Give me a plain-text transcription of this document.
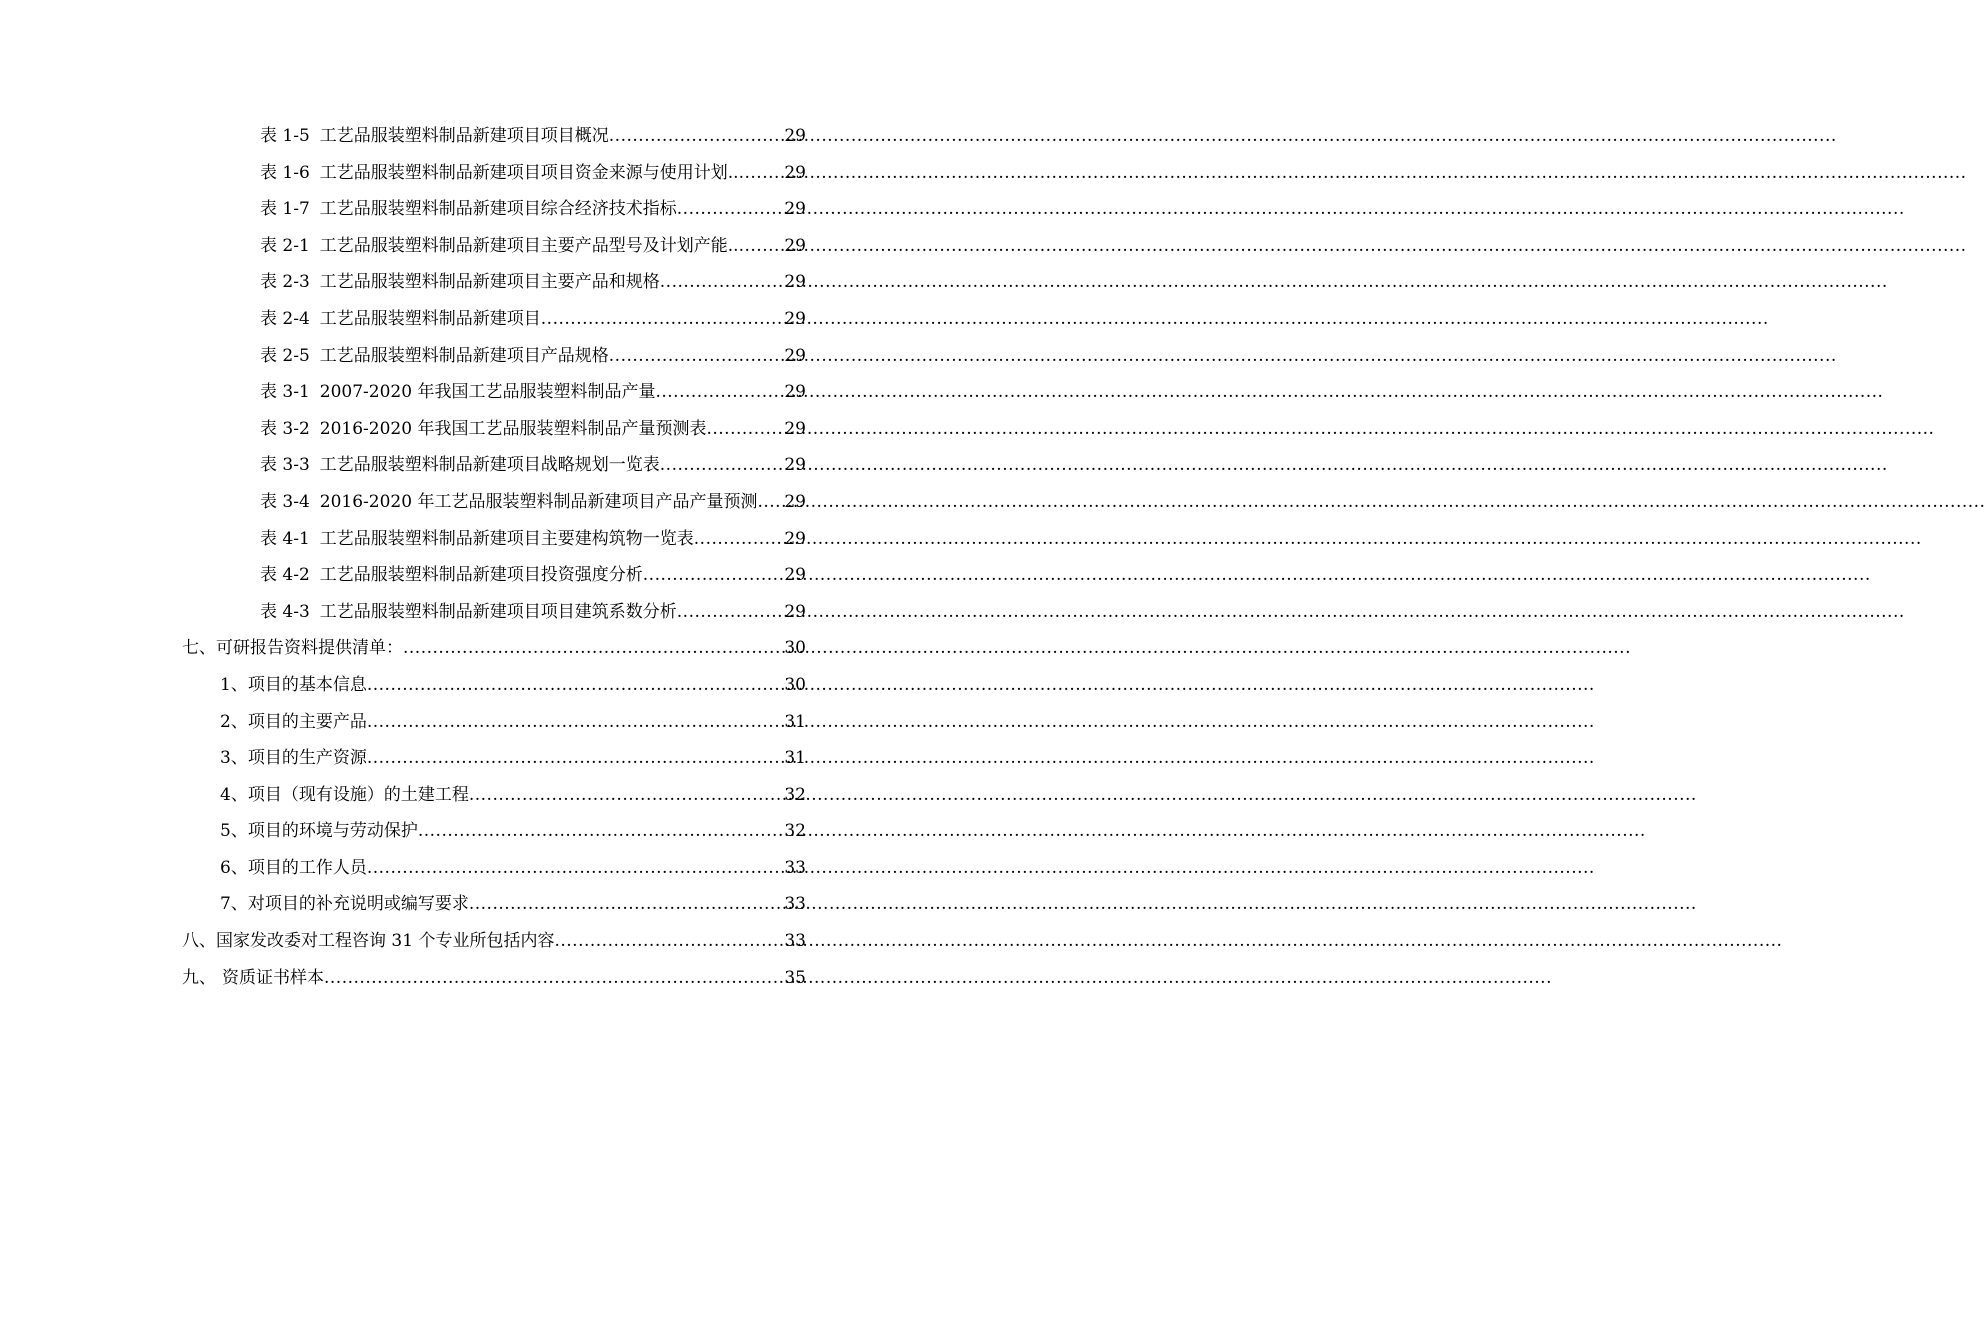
表 1-5 工艺品服装塑料制品新建项目项目概况 .....	29
表 1-6 工艺品服装塑料制品新建项目项目资金来源与使用计划.. .....	29
表 1-7 工艺品服装塑料制品新建项目综合经济技术指标 .....	29
表 2-1 工艺品服装塑料制品新建项目主要产品型号及计划产能.. .....	29
表 2-3 工艺品服装塑料制品新建项目主要产品和规格 .....	29
表 2-4 工艺品服装塑料制品新建项目 .....	29
表 2-5 工艺品服装塑料制品新建项目产品规格 .....	29
表 3-1 2007-2020 年我国工艺品服装塑料制品产量 .....	29
表 3-2 2016-2020 年我国工艺品服装塑料制品产量预测表 .....	29
表 3-3 工艺品服装塑料制品新建项目战略规划一览表 .....	29
表 3-4 2016-2020 年工艺品服装塑料制品新建项目产品产量预测 ..... 29
表 4-1 工艺品服装塑料制品新建项目主要建构筑物一览表 .....	29
表 4-2 工艺品服装塑料制品新建项目投资强度分析 .....	29
表 4-3 工艺品服装塑料制品新建项目项目建筑系数分析 .....	29
七、可研报告资料提供清单： .....	30
1、项目的基本信息 .....	30
2、项目的主要产品 .....	31
3、项目的生产资源 .....	31
4、项目（现有设施）的土建工程 .....	32
5、项目的环境与劳动保护 .....	32
6、项目的工作人员 .....	33
7、对项目的补充说明或编写要求 .....	33
八、国家发改委对工程咨询 31 个专业所包括内容 .....	33
九、 资质证书样本 .....	35
